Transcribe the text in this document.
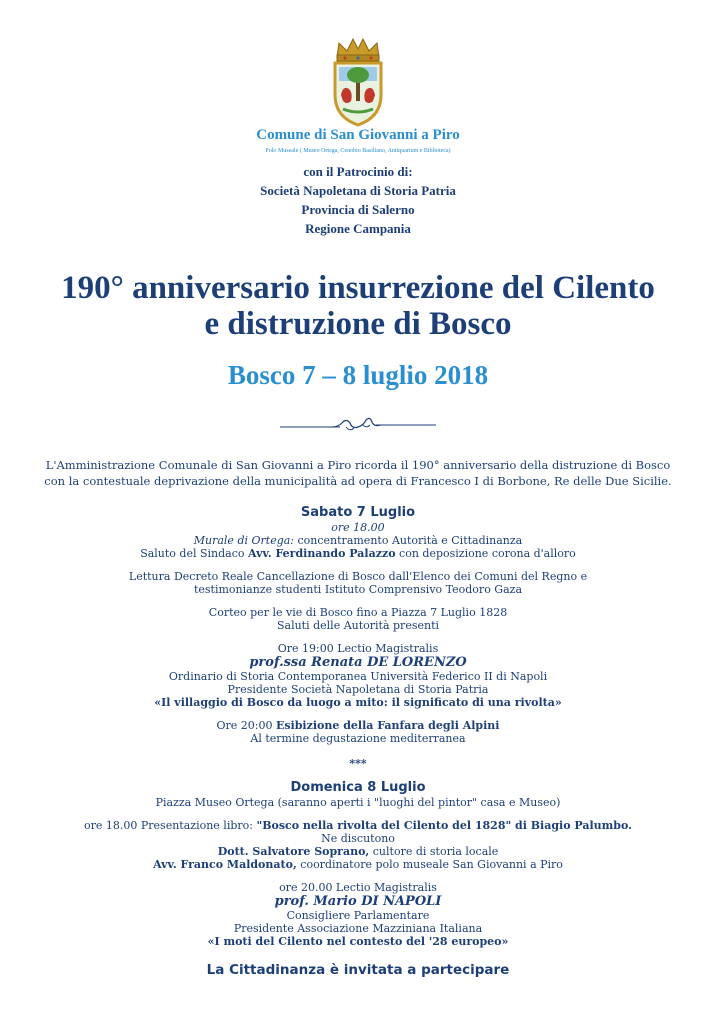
Comune di San Giovanni a Piro
Polo Museale ( Museo Ortega, Cenobio Basiliano, Antiquarium e Biblioteca)
con il Patrocinio di:
Società Napoletana di Storia Patria
Provincia di Salerno
Regione Campania
190° anniversario insurrezione del Cilento
e distruzione di Bosco
Bosco 7 – 8 luglio 2018
L'Amministrazione Comunale di San Giovanni a Piro ricorda il 190° anniversario della distruzione di Bosco
con la contestuale deprivazione della municipalità ad opera di Francesco I di Borbone, Re delle Due Sicilie.
Sabato 7 Luglio
ore 18.00
Murale di Ortega: concentramento Autorità e Cittadinanza
Saluto del Sindaco Avv. Ferdinando Palazzo con deposizione corona d'alloro
Lettura Decreto Reale Cancellazione di Bosco dall'Elenco dei Comuni del Regno e
testimonianze studenti Istituto Comprensivo Teodoro Gaza
Corteo per le vie di Bosco fino a Piazza 7 Luglio 1828
Saluti delle Autorità presenti
Ore 19:00 Lectio Magistralis
prof.ssa Renata DE LORENZO
Ordinario di Storia Contemporanea Università Federico II di Napoli
Presidente Società Napoletana di Storia Patria
«Il villaggio di Bosco da luogo a mito: il significato di una rivolta»
Ore 20:00 Esibizione della Fanfara degli Alpini
Al termine degustazione mediterranea
***
Domenica 8 Luglio
Piazza Museo Ortega (saranno aperti i "luoghi del pintor" casa e Museo)
ore 18.00 Presentazione libro: "Bosco nella rivolta del Cilento del 1828" di Biagio Palumbo.
Ne discutono
Dott. Salvatore Soprano, cultore di storia locale
Avv. Franco Maldonato, coordinatore polo museale San Giovanni a Piro
ore 20.00 Lectio Magistralis
prof. Mario DI NAPOLI
Consigliere Parlamentare
Presidente Associazione Mazziniana Italiana
«I moti del Cilento nel contesto del '28 europeo»
La Cittadinanza è invitata a partecipare
